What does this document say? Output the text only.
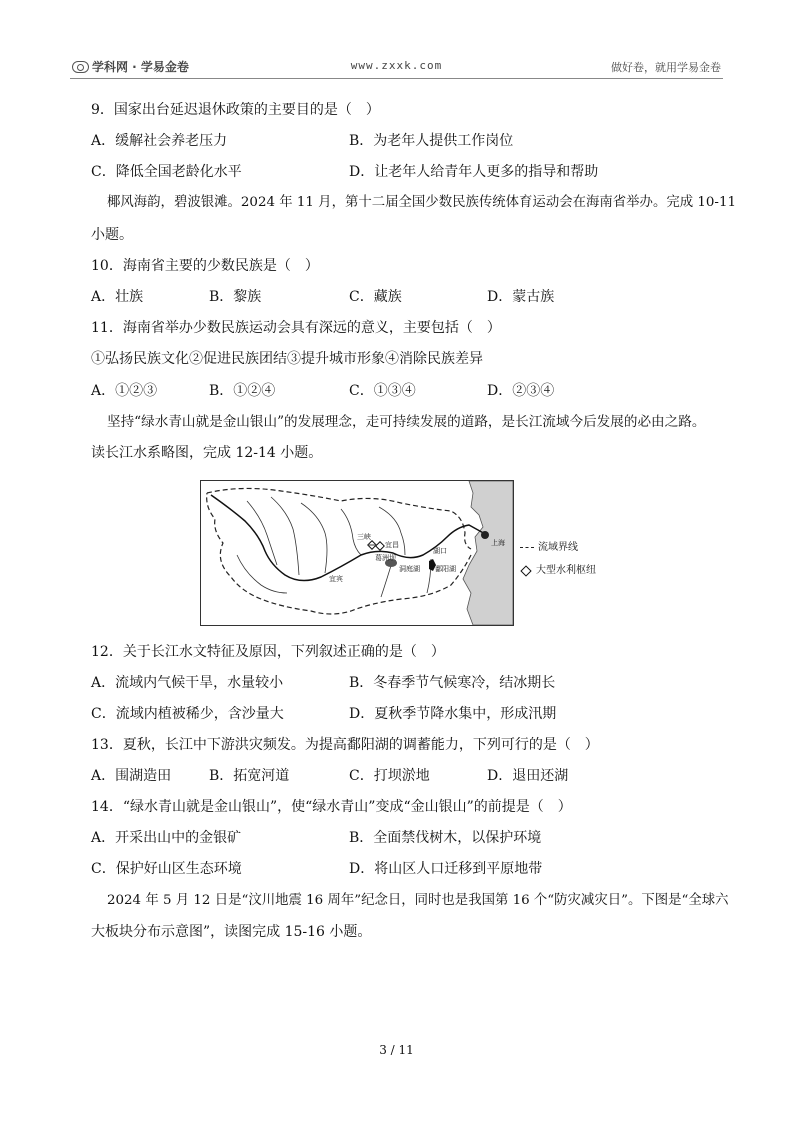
学科网 · 学易金卷	www.zxxk.com	做好卷，就用学易金卷
9．国家出台延迟退休政策的主要目的是（　）
A．缓解社会养老压力	B．为老年人提供工作岗位
C．降低全国老龄化水平	D．让老年人给青年人更多的指导和帮助
椰风海韵，碧波银滩。2024 年 11 月，第十二届全国少数民族传统体育运动会在海南省举办。完成 10-11
小题。
10．海南省主要的少数民族是（　）
A．壮族	B．黎族	C．藏族	D．蒙古族
11．海南省举办少数民族运动会具有深远的意义，主要包括（　）
①弘扬民族文化②促进民族团结③提升城市形象④消除民族差异
A．①②③	B．①②④	C．①③④	D．②③④
坚持“绿水青山就是金山银山”的发展理念，走可持续发展的道路，是长江流域今后发展的必由之路。
读长江水系略图，完成 12-14 小题。
三峡
宜昌
葛洲坝
洞庭湖
湖口
鄱阳湖
宜宾
上海	流域界线
大型水利枢纽
12．关于长江水文特征及原因，下列叙述正确的是（　）
A．流域内气候干旱，水量较小	B．冬春季节气候寒冷，结冰期长
C．流域内植被稀少，含沙量大	D．夏秋季节降水集中，形成汛期
13．夏秋，长江中下游洪灾频发。为提高鄱阳湖的调蓄能力，下列可行的是（　）
A．围湖造田	B．拓宽河道	C．打坝淤地	D．退田还湖
14．“绿水青山就是金山银山”，使“绿水青山”变成“金山银山”的前提是（　）
A．开采出山中的金银矿	B．全面禁伐树木，以保护环境
C．保护好山区生态环境	D．将山区人口迁移到平原地带
2024 年 5 月 12 日是“汶川地震 16 周年”纪念日，同时也是我国第 16 个“防灾减灾日”。下图是“全球六
大板块分布示意图”，读图完成 15-16 小题。
3 / 11
